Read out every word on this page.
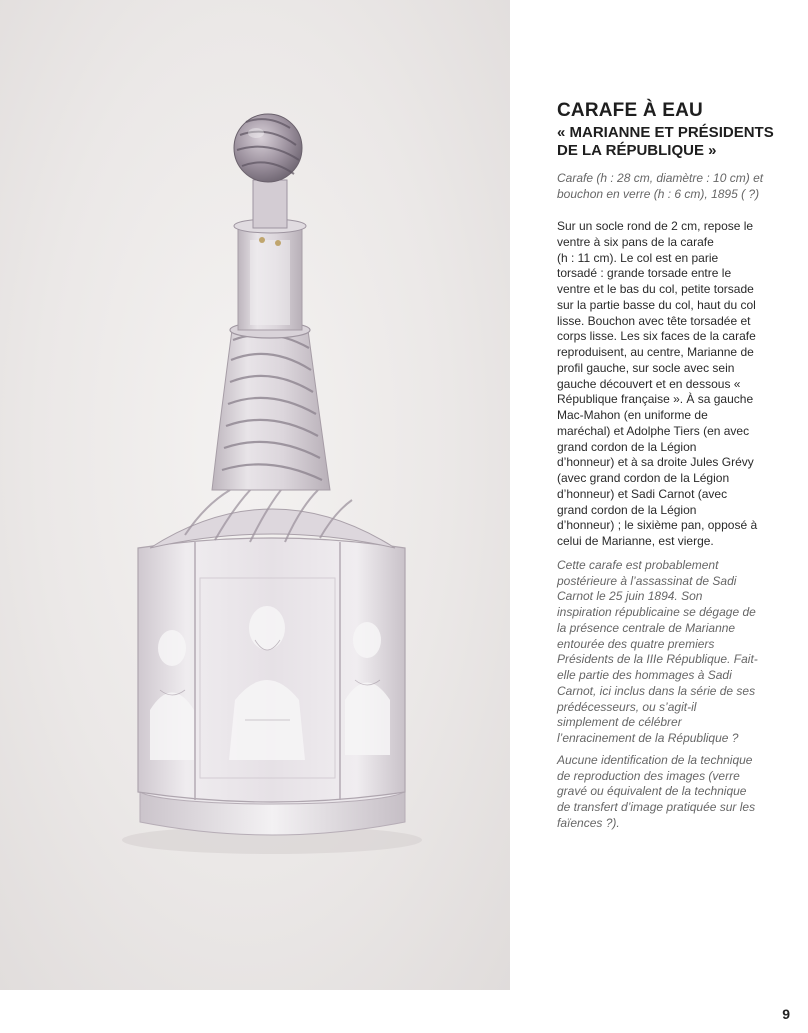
CARAFE À EAU
« MARIANNE ET PRÉSIDENTS
DE LA RÉPUBLIQUE »

Carafe (h : 28 cm, diamètre : 10 cm) et
bouchon en verre (h : 6 cm), 1895 ( ?)

Sur un socle rond de 2 cm, repose le
ventre à six pans de la carafe
(h : 11 cm). Le col est en parie
torsadé : grande torsade entre le
ventre et le bas du col, petite torsade
sur la partie basse du col, haut du col
lisse. Bouchon avec tête torsadée et
corps lisse. Les six faces de la carafe
reproduisent, au centre, Marianne de
profil gauche, sur socle avec sein
gauche découvert et en dessous «
République française ». À sa gauche
Mac-Mahon (en uniforme de
maréchal) et Adolphe Tiers (en avec
grand cordon de la Légion
d’honneur) et à sa droite Jules Grévy
(avec grand cordon de la Légion
d’honneur) et Sadi Carnot (avec
grand cordon de la Légion
d’honneur) ; le sixième pan, opposé à
celui de Marianne, est vierge.

Cette carafe est probablement
postérieure à l’assassinat de Sadi
Carnot le 25 juin 1894. Son
inspiration républicaine se dégage de
la présence centrale de Marianne
entourée des quatre premiers
Présidents de la IIIe République. Fait-
elle partie des hommages à Sadi
Carnot, ici inclus dans la série de ses
prédécesseurs, ou s’agit-il
simplement de célébrer
l’enracinement de la République ?

Aucune identification de la technique
de reproduction des images (verre
gravé ou équivalent de la technique
de transfert d’image pratiquée sur les
faïences ?).

9
